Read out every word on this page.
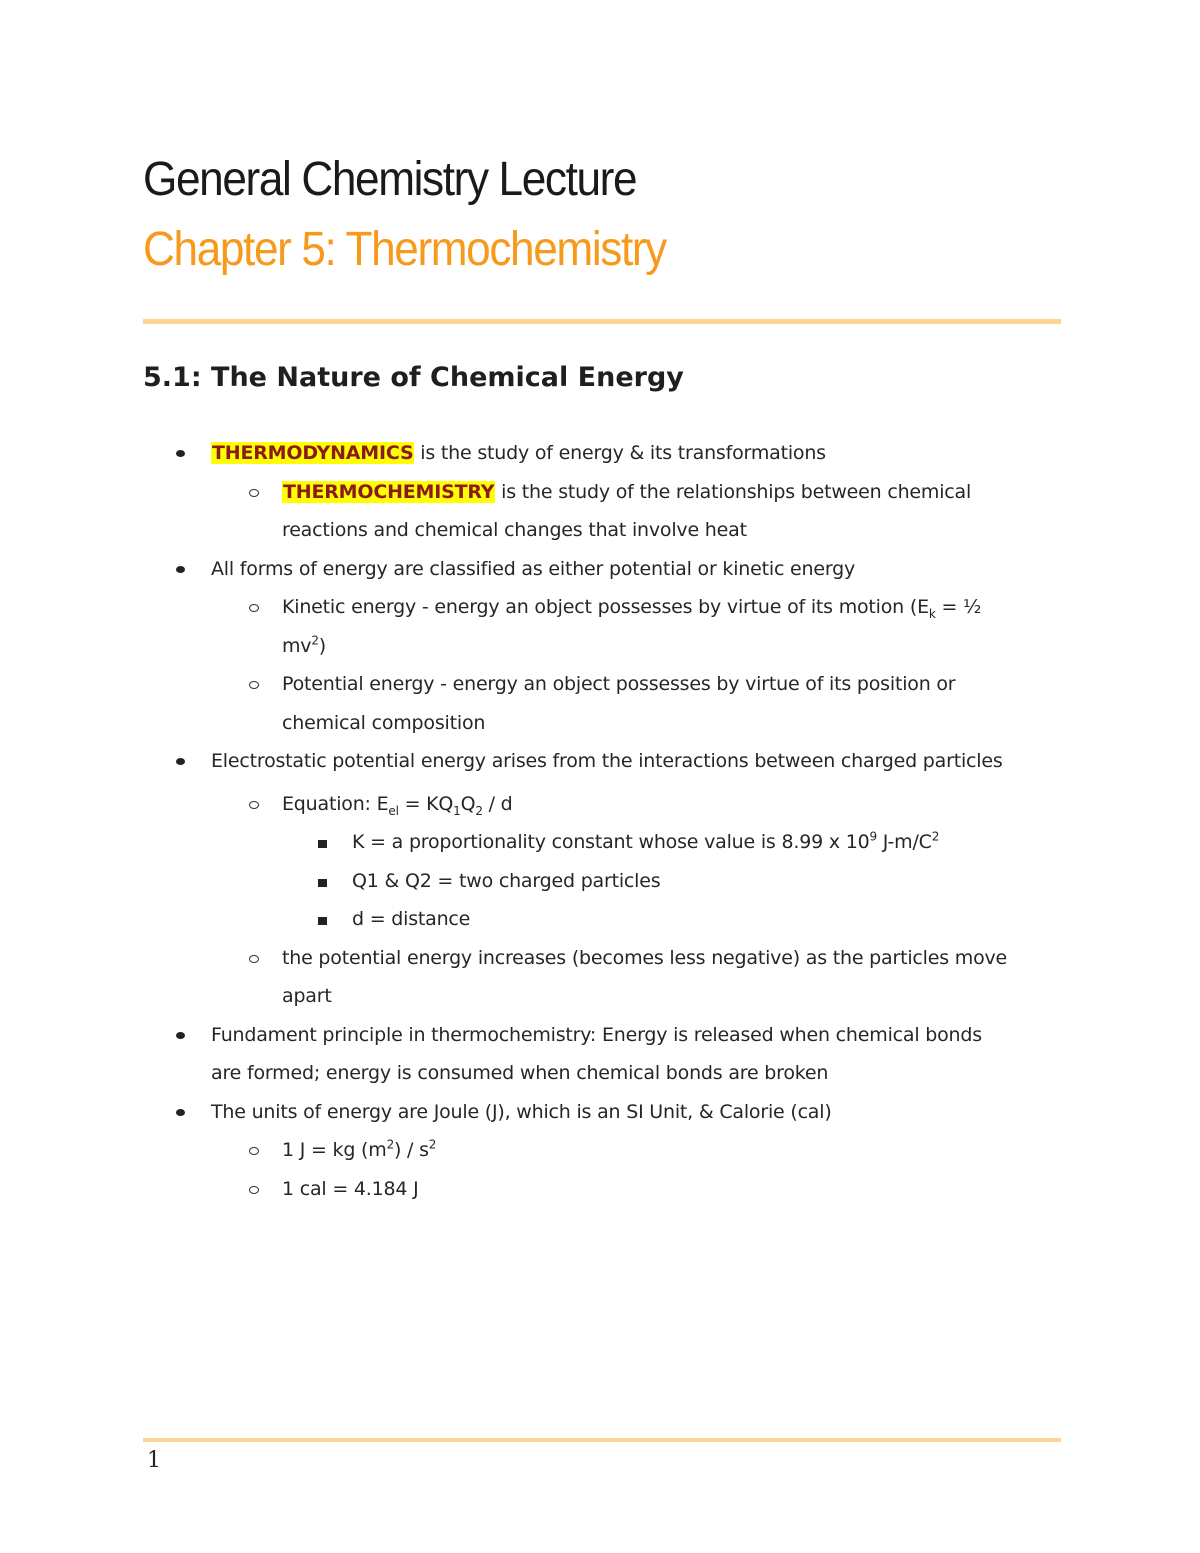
General Chemistry Lecture
Chapter 5: Thermochemistry
5.1: The Nature of Chemical Energy
THERMODYNAMICS is the study of energy & its transformations
THERMOCHEMISTRY is the study of the relationships between chemical
reactions and chemical changes that involve heat
All forms of energy are classified as either potential or kinetic energy
Kinetic energy - energy an object possesses by virtue of its motion ($E_k$ = ½
$mv^2$)
Potential energy - energy an object possesses by virtue of its position or
chemical composition
Electrostatic potential energy arises from the interactions between charged particles
Equation: $E_{el} = KQ_1Q_2 / d$
K = a proportionality constant whose value is 8.99 x $10^9$ $J-m/C^2$
Q1 & Q2 = two charged particles
d = distance
the potential energy increases (becomes less negative) as the particles move
apart
Fundament principle in thermochemistry: Energy is released when chemical bonds
are formed; energy is consumed when chemical bonds are broken
The units of energy are Joule (J), which is an SI Unit, & Calorie (cal)
1 J = kg $(m^2) / s^2$
1 cal = 4.184 J
1
